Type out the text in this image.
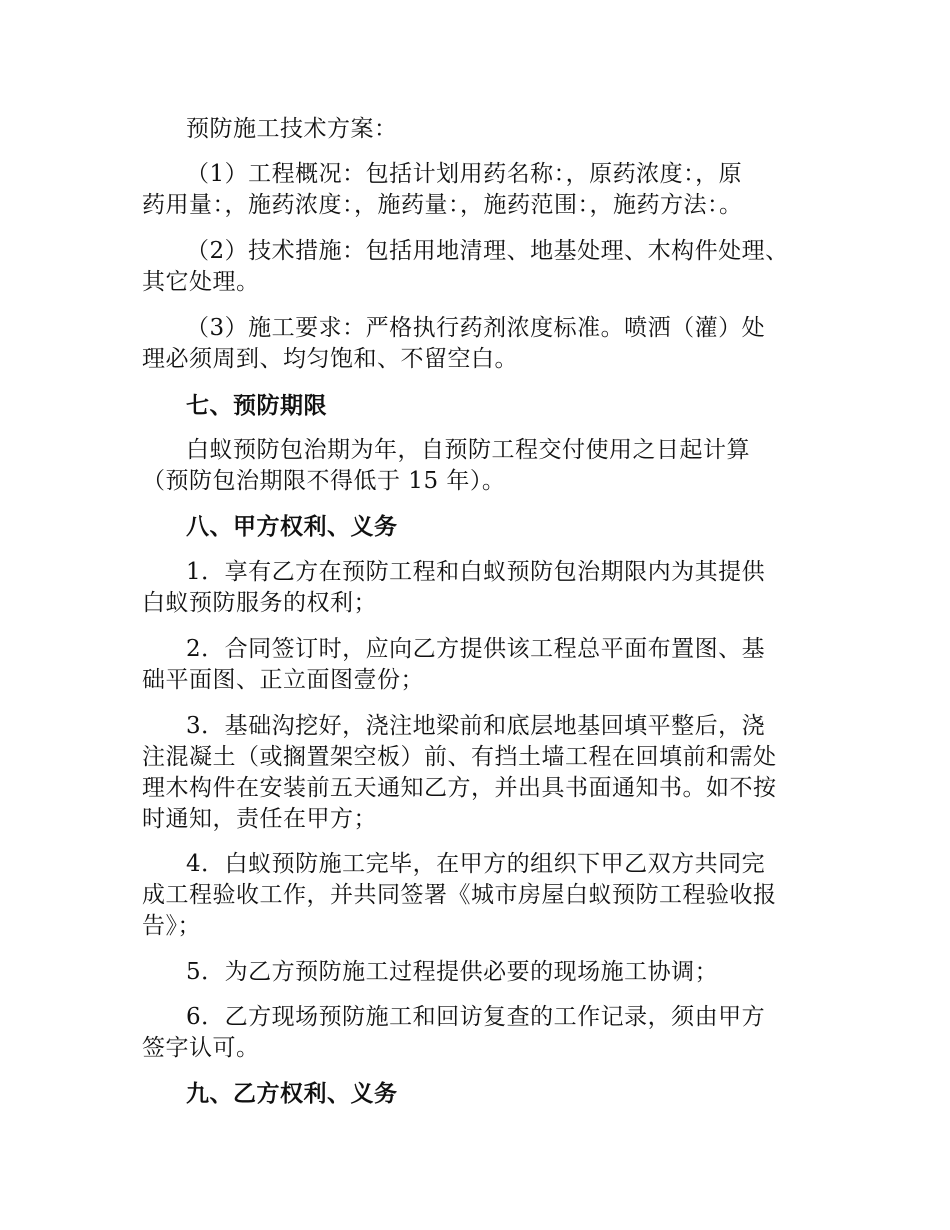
预防施工技术方案：
（1）工程概况：包括计划用药名称：，原药浓度：，原
药用量：，施药浓度：，施药量：，施药范围：，施药方法：。
（2）技术措施：包括用地清理、地基处理、木构件处理、
其它处理。
（3）施工要求：严格执行药剂浓度标准。喷洒（灌）处
理必须周到、均匀饱和、不留空白。
七、预防期限
白蚁预防包治期为年，自预防工程交付使用之日起计算
（预防包治期限不得低于 15 年）。
八、甲方权利、义务
1．享有乙方在预防工程和白蚁预防包治期限内为其提供
白蚁预防服务的权利；
2．合同签订时，应向乙方提供该工程总平面布置图、基
础平面图、正立面图壹份；
3．基础沟挖好，浇注地梁前和底层地基回填平整后，浇
注混凝土（或搁置架空板）前、有挡土墙工程在回填前和需处
理木构件在安装前五天通知乙方，并出具书面通知书。如不按
时通知，责任在甲方；
4．白蚁预防施工完毕，在甲方的组织下甲乙双方共同完
成工程验收工作，并共同签署《城市房屋白蚁预防工程验收报
告》；
5．为乙方预防施工过程提供必要的现场施工协调；
6．乙方现场预防施工和回访复查的工作记录，须由甲方
签字认可。
九、乙方权利、义务
